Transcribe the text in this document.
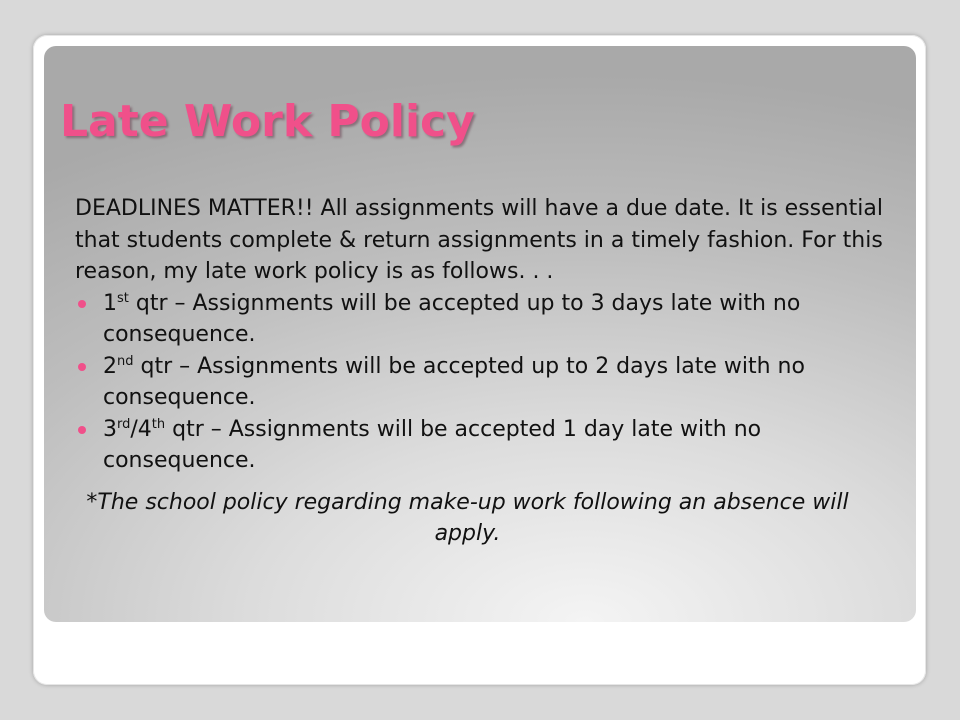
Late Work Policy

DEADLINES MATTER!! All assignments will have a due date. It is essential that students complete & return assignments in a timely fashion. For this reason, my late work policy is as follows. . .

1st qtr – Assignments will be accepted up to 3 days late with no consequence.
2nd qtr – Assignments will be accepted up to 2 days late with no consequence.
3rd/4th qtr – Assignments will be accepted 1 day late with no consequence.

*The school policy regarding make-up work following an absence will apply.
